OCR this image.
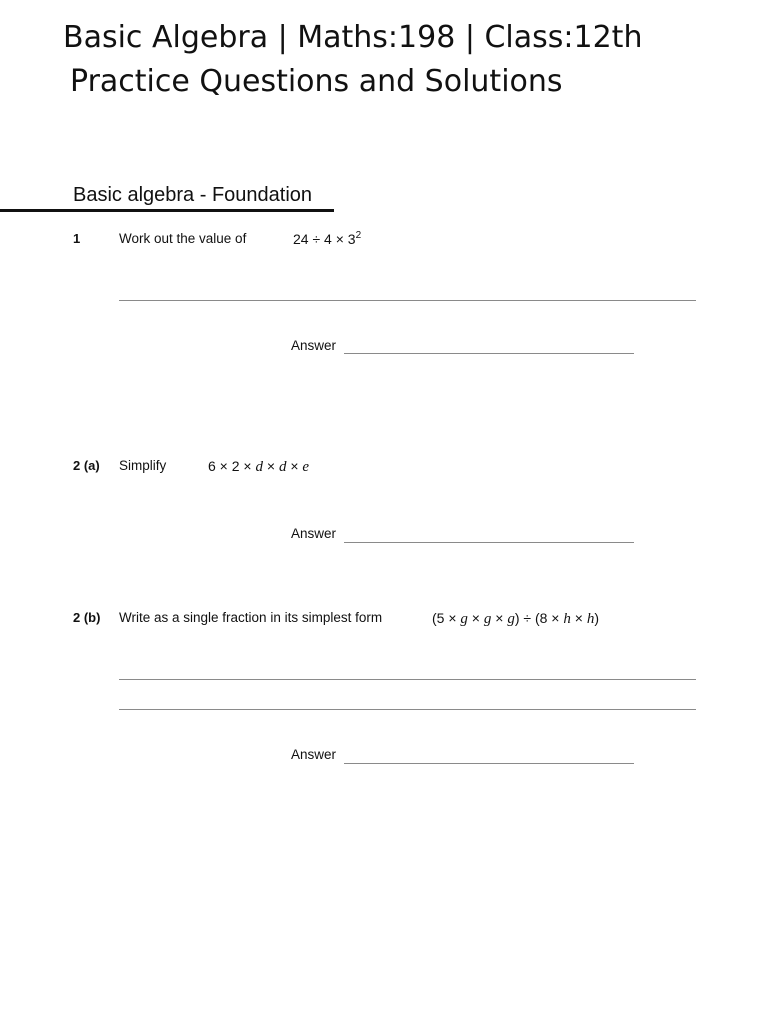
Basic Algebra | Maths:198 | Class:12th
Practice Questions and Solutions
Basic algebra - Foundation
1	Work out the value of	$24 \div 4 \times 3^2$
Answer
2 (a) Simplify	6 × 2 × d × d × e
Answer
2 (b) Write as a single fraction in its simplest form	(5 × g × g × g) ÷ (8 × h × h)
Answer
